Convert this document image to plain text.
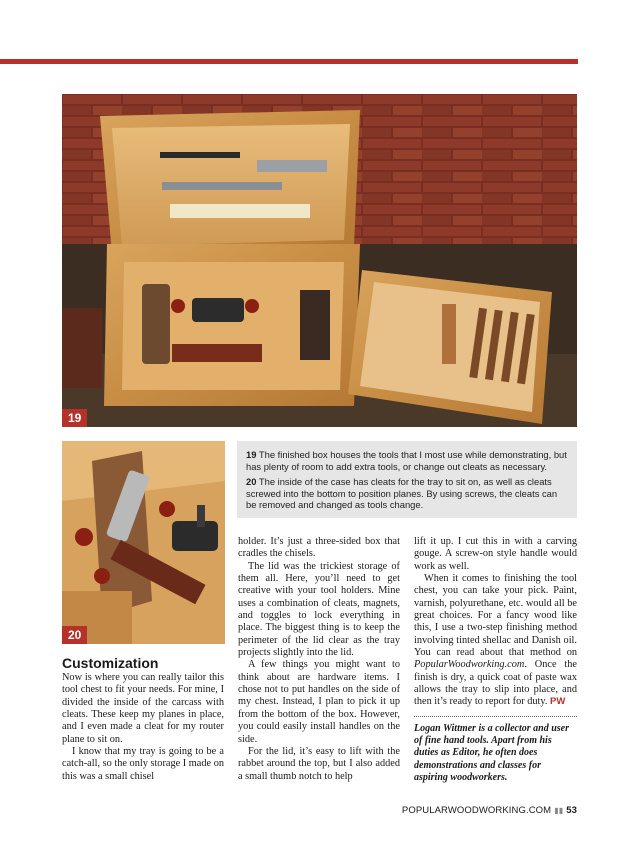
19
20

19 The finished box houses the tools that I most use while demonstrating, but has plenty of room to add extra tools, or change out cleats as necessary.

20 The inside of the case has cleats for the tray to sit on, as well as cleats screwed into the bottom to position planes. By using screws, the cleats can be removed and changed as tools change.

Customization

Now is where you can really tailor this tool chest to fit your needs. For mine, I divided the inside of the carcass with cleats. These keep my planes in place, and I even made a cleat for my router plane to sit on.

I know that my tray is going to be a catch-all, so the only storage I made on this was a small chisel

holder. It’s just a three-sided box that cradles the chisels.

The lid was the trickiest storage of them all. Here, you’ll need to get creative with your tool holders. Mine uses a combination of cleats, magnets, and toggles to lock everything in place. The biggest thing is to keep the perimeter of the lid clear as the tray projects slightly into the lid.

A few things you might want to think about are hardware items. I chose not to put handles on the side of my chest. Instead, I plan to pick it up from the bottom of the box. However, you could easily install handles on the side.

For the lid, it’s easy to lift with the rabbet around the top, but I also added a small thumb notch to help

lift it up. I cut this in with a carving gouge. A screw-on style handle would work as well.

When it comes to finishing the tool chest, you can take your pick. Paint, varnish, polyurethane, etc. would all be great choices. For a fancy wood like this, I use a two-step finishing method involving tinted shellac and Danish oil. You can read about that method on PopularWoodworking.com. Once the finish is dry, a quick coat of paste wax allows the tray to slip into place, and then it’s ready to report for duty. PW

Logan Wittmer is a collector and user of fine hand tools. Apart from his duties as Editor, he often does demonstrations and classes for aspiring woodworkers.

POPULARWOODWORKING.COM ▮▮ 53
